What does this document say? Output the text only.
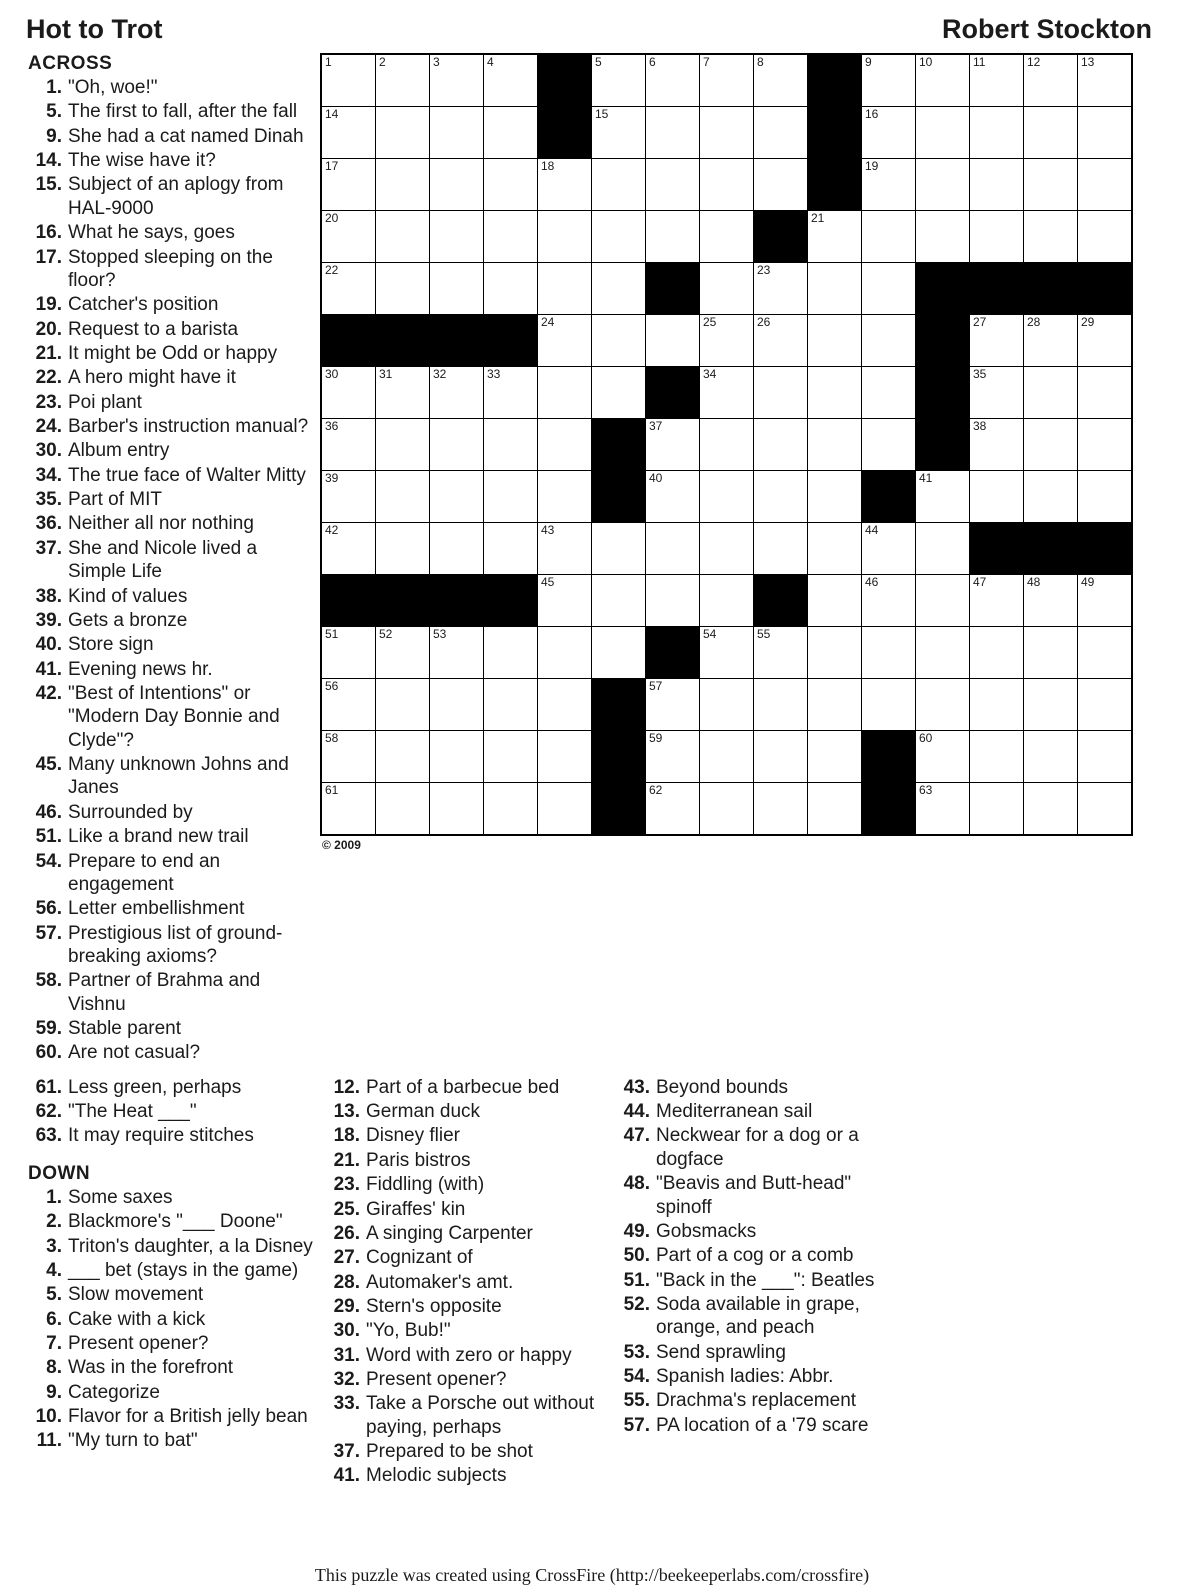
Hot to Trot	Robert Stockton
ACROSS
1. "Oh, woe!"
5. The first to fall, after the fall
9. She had a cat named Dinah
14. The wise have it?
15. Subject of an aplogy from HAL-9000
16. What he says, goes
17. Stopped sleeping on the floor?
19. Catcher's position
20. Request to a barista
21. It might be Odd or happy
22. A hero might have it
23. Poi plant
24. Barber's instruction manual?
30. Album entry
34. The true face of Walter Mitty
35. Part of MIT
36. Neither all nor nothing
37. She and Nicole lived a Simple Life
38. Kind of values
39. Gets a bronze
40. Store sign
41. Evening news hr.
42. "Best of Intentions" or "Modern Day Bonnie and Clyde"?
45. Many unknown Johns and Janes
46. Surrounded by
51. Like a brand new trail
54. Prepare to end an engagement
56. Letter embellishment
57. Prestigious list of ground-breaking axioms?
58. Partner of Brahma and Vishnu
59. Stable parent
60. Are not casual?
1	2	3	4		5	6	7	8		9	10	11	12	13

14					15					16				

17				18						19				

20									21					

22								23						

				24			25	26				27	28	29

30	31	32	33				34					35		

36						37						38		

39						40					41			

42				43						44				

				45						46		47	48	49

51	52	53					54	55						

56						57								

58						59					60			

61						62					63			

© 2009
61. Less green, perhaps
62. "The Heat ___"
63. It may require stitches
DOWN
1. Some saxes
2. Blackmore's "___ Doone"
3. Triton's daughter, a la Disney
4. ___ bet (stays in the game)
5. Slow movement
6. Cake with a kick
7. Present opener?
8. Was in the forefront
9. Categorize
10. Flavor for a British jelly bean
11. "My turn to bat"
12. Part of a barbecue bed
13. German duck
18. Disney flier
21. Paris bistros
23. Fiddling (with)
25. Giraffes' kin
26. A singing Carpenter
27. Cognizant of
28. Automaker's amt.
29. Stern's opposite
30. "Yo, Bub!"
31. Word with zero or happy
32. Present opener?
33. Take a Porsche out without paying, perhaps
37. Prepared to be shot
41. Melodic subjects
43. Beyond bounds
44. Mediterranean sail
47. Neckwear for a dog or a dogface
48. "Beavis and Butt-head" spinoff
49. Gobsmacks
50. Part of a cog or a comb
51. "Back in the ___": Beatles
52. Soda available in grape, orange, and peach
53. Send sprawling
54. Spanish ladies: Abbr.
55. Drachma's replacement
57. PA location of a '79 scare
This puzzle was created using CrossFire (http://beekeeperlabs.com/crossfire)
